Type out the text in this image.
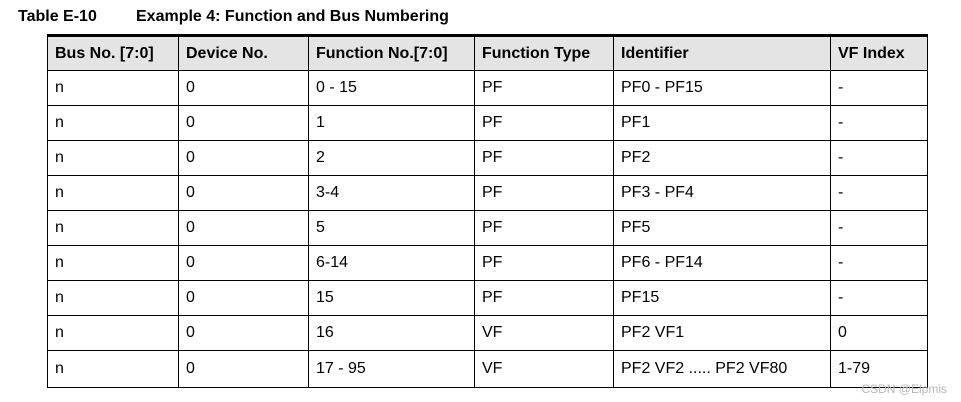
Table E-10 Example 4: Function and Bus Numbering
Bus No. [7:0]	Device No.	Function No.[7:0]	Function Type	Identifier	VF Index
n	0	0 - 15	PF	PF0 - PF15	-
n	0	1	PF	PF1	-
n	0	2	PF	PF2	-
n	0	3-4	PF	PF3 - PF4	-
n	0	5	PF	PF5	-
n	0	6-14	PF	PF6 - PF14	-
n	0	15	PF	PF15	-
n	0	16	VF	PF2 VF1	0
n	0	17 - 95	VF	PF2 VF2 ..... PF2 VF80	1-79
CSDN @Elpmis
